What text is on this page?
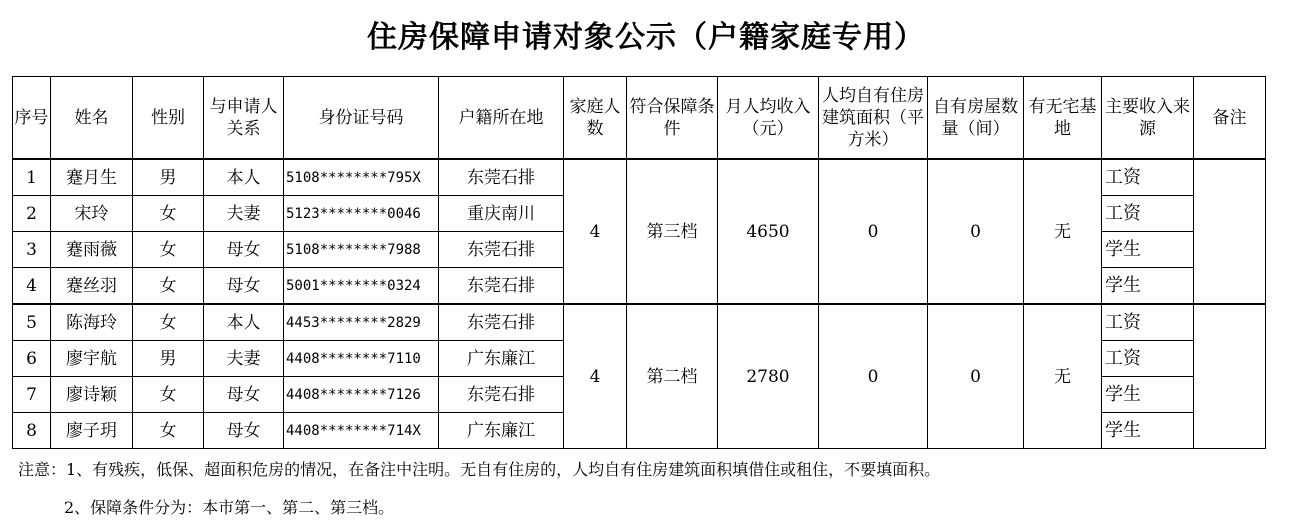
住房保障申请对象公示（户籍家庭专用）
序号	姓名	性别	与申请人关系	身份证号码	户籍所在地	家庭人数	符合保障条件	月人均收入（元）	人均自有住房建筑面积（平方米）	自有房屋数量（间）	有无宅基地	主要收入来源	备注
1	蹇月生	男	本人	5108********795X	东莞石排	4	第三档	4650	0	0	无	工资	
2	宋玲	女	夫妻	5123********0046	重庆南川							工资	
3	蹇雨薇	女	母女	5108********7988	东莞石排							学生	
4	蹇丝羽	女	母女	5001********0324	东莞石排							学生	
5	陈海玲	女	本人	4453********2829	东莞石排	4	第二档	2780	0	0	无	工资	
6	廖宇航	男	夫妻	4408********7110	广东廉江							工资	
7	廖诗颖	女	母女	4408********7126	东莞石排							学生	
8	廖子玥	女	母女	4408********714X	广东廉江							学生	
注意：1、有残疾，低保、超面积危房的情况，在备注中注明。无自有住房的，人均自有住房建筑面积填借住或租住，不要填面积。
2、保障条件分为：本市第一、第二、第三档。
